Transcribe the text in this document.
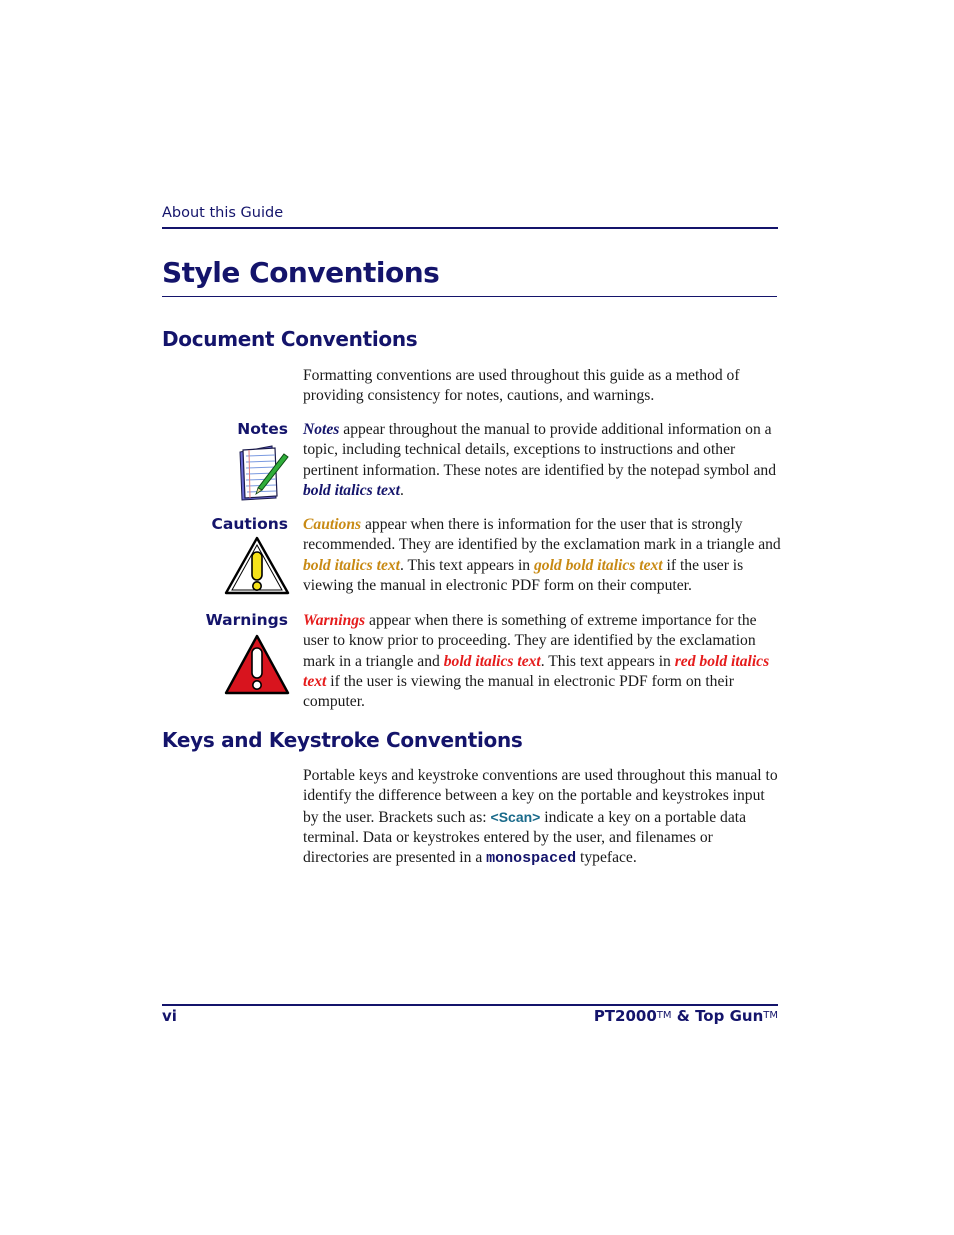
About this Guide
Style Conventions
Document Conventions

Formatting conventions are used throughout this guide as a method of providing consistency for notes, cautions, and warnings.

Notes Notes appear throughout the manual to provide additional information on a topic, including technical details, exceptions to instructions and other pertinent information. These notes are identified by the notepad symbol and bold italics text.

Cautions Cautions appear when there is information for the user that is strongly recommended. They are identified by the exclamation mark in a triangle and bold italics text. This text appears in gold bold italics text if the user is viewing the manual in electronic PDF form on their computer.

Warnings Warnings appear when there is something of extreme importance for the user to know prior to proceeding. They are identified by the exclamation mark in a triangle and bold italics text. This text appears in red bold italics text if the user is viewing the manual in electronic PDF form on their computer.

Keys and Keystroke Conventions

Portable keys and keystroke conventions are used throughout this manual to identify the difference between a key on the portable and keystrokes input by the user. Brackets such as: <Scan> indicate a key on a portable data terminal. Data or keystrokes entered by the user, and filenames or directories are presented in a monospaced typeface.

vi	PT2000™ & Top Gun™
